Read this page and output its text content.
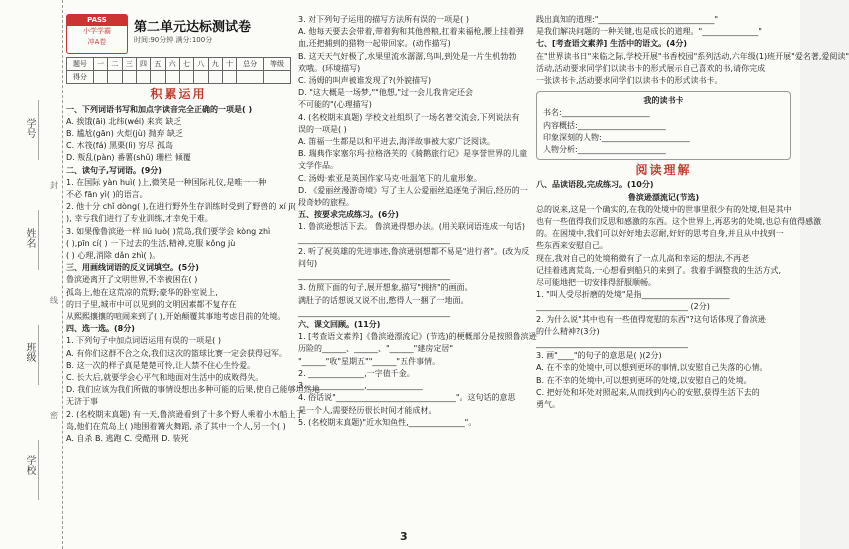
学号
姓名
班级
学校
封
线
密
PASS
小学学霸
冲A卷
第二单元达标测试卷
时间:90分钟 满分:100分
题号	一	二	三	四	五	六	七	八	九	十	总分	等级
得分												
积累运用
一、下列词语书写和加点字读音完全正确的一项是( )
A. 挨饿(āi) 北纬(wéi) 来宾 缺乏
B. 尴尬(gān) 火炬(jù) 抛弃 缺乏
C. 木筏(fá) 黑栗(lì) 穷尽 孤岛
D. 叛乱(pàn) 番薯(shǔ) 珊栏 倾覆
二、读句子,写词语。(9分)
1. 在国际 yàn huì( )上,微笑是一种国际礼仪,是唯一一种
不必 fān yì( )的语言。
2. 他十分 chǐ dòng( ),在进行野外生存训练时受到了野兽的 xí jī(
), 幸亏我们进行了专业训练,才幸免于难。
3. 如果像鲁滨逊一样 liú luò( )荒岛,我们要学会 kòng zhì
( ),pīn cí( ) 一下过去的生活,精神,克服 kǒng jù
( ) 心理,消除 dǎn zhì( )。
三、用画线词语的反义词填空。(5分)
鲁滨逊离开了文明世界,不幸被困在( )
孤岛上,他在这荒凉的荒野;豪华的卧室说上,
的日子里,城市中可以见到的文明因素都不复存在
从熙熙攘攘的喧闹来到了( ),开始颠覆其事地考虑目前的处境。
四、选一选。(8分)
1. 下列句子中加点词语运用有误的一项是( )
A. 有你们这群不合之众,我们这次的篮球比赛一定会获得冠军。
B. 这一次的样子真是楚楚可怜,让人禁不住心生怜爱。
C. 长大后,就要学会心平气和地面对生活中的成败得失。
D. 我们应该为我们所做的事情设想出多种可能的后果,使自己能够坦然地
无济于事
2. (名校期末真题) 有一天,鲁滨逊看到了十多个野人乘着小木船上了
岛,他们在荒岛上( )地围着篝火舞蹈, 杀了其中一个人,另一个( )
A. 自杀 B. 逃跑 C. 受酷刑 D. 装死
3. 对下列句子运用的描写方法所有误的一项是( )
A. 他每天要去会带着,带着狗和其他兽粮,扛着来福枪,腰上挂着弹
血,还把捕到的猎物一起带回家。(动作描写)
B. 这天天气好极了,水果里流水潺潺,鸟叫,到处是一片生机勃勃
欢哦。(环境描写)
C. 汤姆的叫声被谁发现了?(外貌描写)
D. "这大概是一场梦,""他想,"过一会儿我肯定还会
不可能的"(心理描写)
4. (名校期末真题) 学校文社组织了一场名著交流会,下列说法有
误的一项是( )
A. 笛福一生都是以和平进去,海洋故事被大家广泛阅读。
B. 瑞典作家塞尔玛·拉格洛芙的《骑鹅旅行记》是享誉世界的儿童
文学作品。
C. 汤姆·索亚是英国作家马克·吐温笔下的儿童形象。
D. 《爱丽丝漫游奇境》写了主人公爱丽丝追逐兔子洞后,经历的一
段奇妙的旅程。
五、按要求完成练习。(6分)
1. 鲁滨逊想活下去。 鲁滨逊得想办法。(用关联词语连成一句话)
______________________________________
2. 听了祝英雄的先进事迹,鲁滨逊别想都不易是"进行者"。(改为反
问句)
______________________________________
3. 仿照下面的句子,展开想象,描写"拥挤"的画面。
满肚子的话想说又说不出,憋得人一捆了一地面。
______________________________________
六、课文回顾。(11分)
1. [考查语文素养]《鲁滨逊漂流记》(节选)的梗概部分是按照鲁滨逊
历险的______、______、"______"建房定居"
"______"收"星期五""______"五件事情。
2. ______________,一字值千金。
3. ______________,______________
4. 俗话说"______________________________"。这句话的意思
是一个人,需要经历很长时间才能成材。
5. (名校期末真题)"近水知鱼性,______________"。
践出真知的道理:"_____________________________"
是我们解决问题的一种关键,也是成长的道理。"______________"
七、[考查语文素养] 生活中的语文。(4分)
在"世界读书日"来临之际,学校开展"书香校园"系列活动,六年级(1)班开展"爱名著,爱阅读"
活动,活动要求同学们以读书卡的形式展示自己喜欢的书,请你完成
一张读书卡,活动要求同学们以读书卡的形式读书卡。
我的读书卡
书名:______________________
内容概括:______________________
印象深刻的人物:______________________
人物分析:______________________
阅读理解
八、品读语段,完成练习。(10分)
鲁滨逊漂流记(节选)
总的说来,这是一个确实的,在我的处境中的世事里很少有的处境,但是其中
也有一些值得我们反思和感激的东西。这个世界上,再恶劣的处境,也总有值得感激
的。在困境中,我们可以好好地去忍耐,好好的思考自身,并且从中找到一
些东西来安慰自己。
现在,我对自己的处境稍微有了一点儿高和幸运的想法,不再老
记挂着逃离荒岛,一心想看到船只的来到了。我着手调整我的生活方式,
尽可能地把一切安排得舒服顺畅。
1. "叫人受尽折磨的处境"是指______________________
______________________________________ (2分)
2. 为什么说"其中也有一些值得宽慰的东西"?这句话体现了鲁滨逊
的什么精神?(3分)
______________________________________
3. 画"____"的句子的意思是( )(2分)
A. 在不幸的处境中,可以想到更坏的事情,以安慰自己失落的心情。
B. 在不幸的处境中,可以想到更坏的处境,以安慰自己的处境。
C. 把好处和坏处对照起来,从而找到内心的安慰,获得生活下去的
勇气。
3
